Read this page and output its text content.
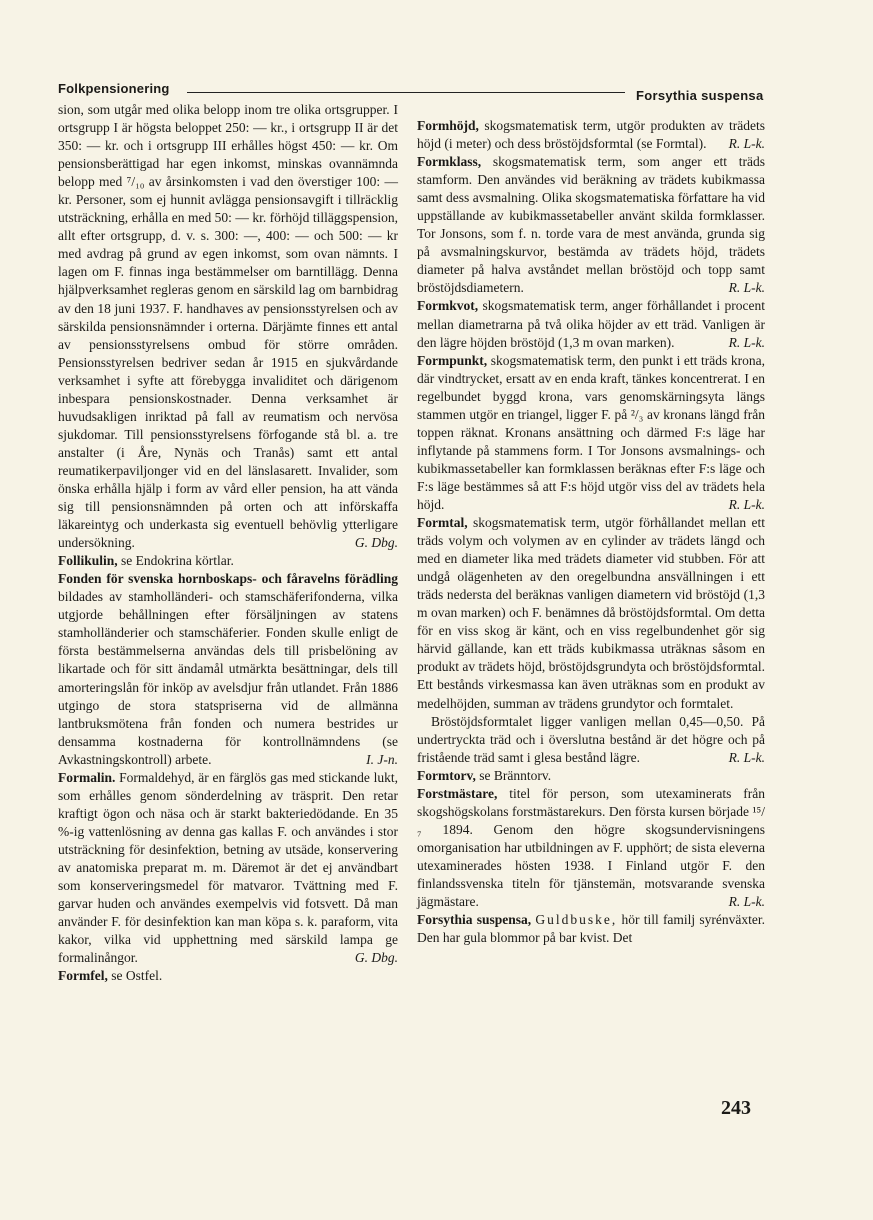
Folkpensionering	Forsythia suspensa

sion, som utgår med olika belopp inom tre olika ortsgrupper. I ortsgrupp I är högsta beloppet 250: — kr., i ortsgrupp II är det 350: — kr. och i ortsgrupp III erhålles högst 450: — kr. Om pensionsberättigad har egen inkomst, minskas ovannämnda belopp med ⁷/₁₀ av årsinkomsten i vad den överstiger 100: — kr. Personer, som ej hunnit avlägga pensionsavgift i tillräcklig utsträckning, erhålla en med 50: — kr. förhöjd tilläggspension, allt efter ortsgrupp, d. v. s. 300: —, 400: — och 500: — kr med avdrag på grund av egen inkomst, som ovan nämnts. I lagen om F. finnas inga bestämmelser om barntillägg. Denna hjälpverksamhet regleras genom en särskild lag om barnbidrag av den 18 juni 1937. F. handhaves av pensionsstyrelsen och av särskilda pensionsnämnder i orterna. Därjämte finnes ett antal av pensionsstyrelsens ombud för större områden. Pensionsstyrelsen bedriver sedan år 1915 en sjukvårdande verksamhet i syfte att förebygga invaliditet och därigenom inbespara pensionskostnader. Denna verksamhet är huvudsakligen inriktad på fall av reumatism och nervösa sjukdomar. Till pensionsstyrelsens förfogande stå bl. a. tre anstalter (i Åre, Nynäs och Tranås) samt ett antal reumatikerpaviljonger vid en del länslasarett. Invalider, som önska erhålla hjälp i form av vård eller pension, ha att vända sig till pensionsnämnden på orten och att införskaffa läkareintyg och underkasta sig eventuell behövlig ytterligare undersökning.	G. Dbg.

Follikulin, se Endokrina körtlar.

Fonden för svenska hornboskaps- och fåravelns förädling bildades av stamholländeri- och stamschäferifonderna, vilka utgjorde behållningen efter försäljningen av statens stamholländerier och stamschäferier. Fonden skulle enligt de första bestämmelserna användas dels till prisbelöning av likartade och för sitt ändamål utmärkta besättningar, dels till amorteringslån för inköp av avelsdjur från utlandet. Från 1886 utgingo de stora statspriserna vid de allmänna lantbruksmötena från fonden och numera bestrides ur densamma kostnaderna för kontrollnämndens (se Avkastningskontroll) arbete.	I. J-n.

Formalin. Formaldehyd, är en färglös gas med stickande lukt, som erhålles genom sönderdelning av träsprit. Den retar kraftigt ögon och näsa och är starkt bakteriedödande. En 35 %-ig vattenlösning av denna gas kallas F. och användes i stor utsträckning för desinfektion, betning av utsäde, konservering av anatomiska preparat m. m. Däremot är det ej användbart som konserveringsmedel för matvaror. Tvättning med F. garvar huden och användes exempelvis vid fotsvett. Då man använder F. för desinfektion kan man köpa s. k. paraform, vita kakor, vilka vid upphettning med särskild lampa ge formalinångor.	G. Dbg.

Formfel, se Ostfel.

Formhöjd, skogsmatematisk term, utgör produkten av trädets höjd (i meter) och dess bröstöjdsformtal (se Formtal).	R. L-k.

Formklass, skogsmatematisk term, som anger ett träds stamform. Den användes vid beräkning av trädets kubikmassa samt dess avsmalning. Olika skogsmatematiska författare ha vid uppställande av kubikmassetabeller använt skilda formklasser. Tor Jonsons, som f. n. torde vara de mest använda, grunda sig på avsmalningskurvor, bestämda av trädets höjd, trädets diameter på halva avståndet mellan bröstöjd och topp samt bröstöjdsdiametern.	R. L-k.

Formkvot, skogsmatematisk term, anger förhållandet i procent mellan diametrarna på två olika höjder av ett träd. Vanligen är den lägre höjden bröstöjd (1,3 m ovan marken).	R. L-k.

Formpunkt, skogsmatematisk term, den punkt i ett träds krona, där vindtrycket, ersatt av en enda kraft, tänkes koncentrerat. I en regelbundet byggd krona, vars genomskärningsyta längs stammen utgör en triangel, ligger F. på ²/₃ av kronans längd från toppen räknat. Kronans ansättning och därmed F:s läge har inflytande på stammens form. I Tor Jonsons avsmalnings- och kubikmassetabeller kan formklassen beräknas efter F:s läge och F:s läge bestämmes så att F:s höjd utgör viss del av trädets hela höjd.	R. L-k.

Formtal, skogsmatematisk term, utgör förhållandet mellan ett träds volym och volymen av en cylinder av trädets längd och med en diameter lika med trädets diameter vid stubben. För att undgå olägenheten av den oregelbundna ansvällningen i ett träds nedersta del beräknas vanligen diametern vid bröstöjd (1,3 m ovan marken) och F. benämnes då bröstöjdsformtal. Om detta för en viss skog är känt, och en viss regelbundenhet gör sig härvid gällande, kan ett träds kubikmassa uträknas såsom en produkt av trädets höjd, bröstöjdsgrundyta och bröstöjdsformtal. Ett bestånds virkesmassa kan även uträknas som en produkt av medelhöjden, summan av trädens grundytor och formtalet.

Bröstöjdsformtalet ligger vanligen mellan 0,45—0,50. På undertryckta träd och i överslutna bestånd är det högre och på fristående träd samt i glesa bestånd lägre.	R. L-k.

Formtorv, se Bränntorv.

Forstmästare, titel för person, som utexaminerats från skogshögskolans forstmästarekurs. Den första kursen började ¹⁵/₇ 1894. Genom den högre skogsundervisningens omorganisation har utbildningen av F. upphört; de sista eleverna utexaminerades hösten 1938. I Finland utgör F. den finlandssvenska titeln för tjänstemän, motsvarande svenska jägmästare.	R. L-k.

Forsythia suspensa, Guldbuske, hör till familj syrénväxter. Den har gula blommor på bar kvist. Det

243
